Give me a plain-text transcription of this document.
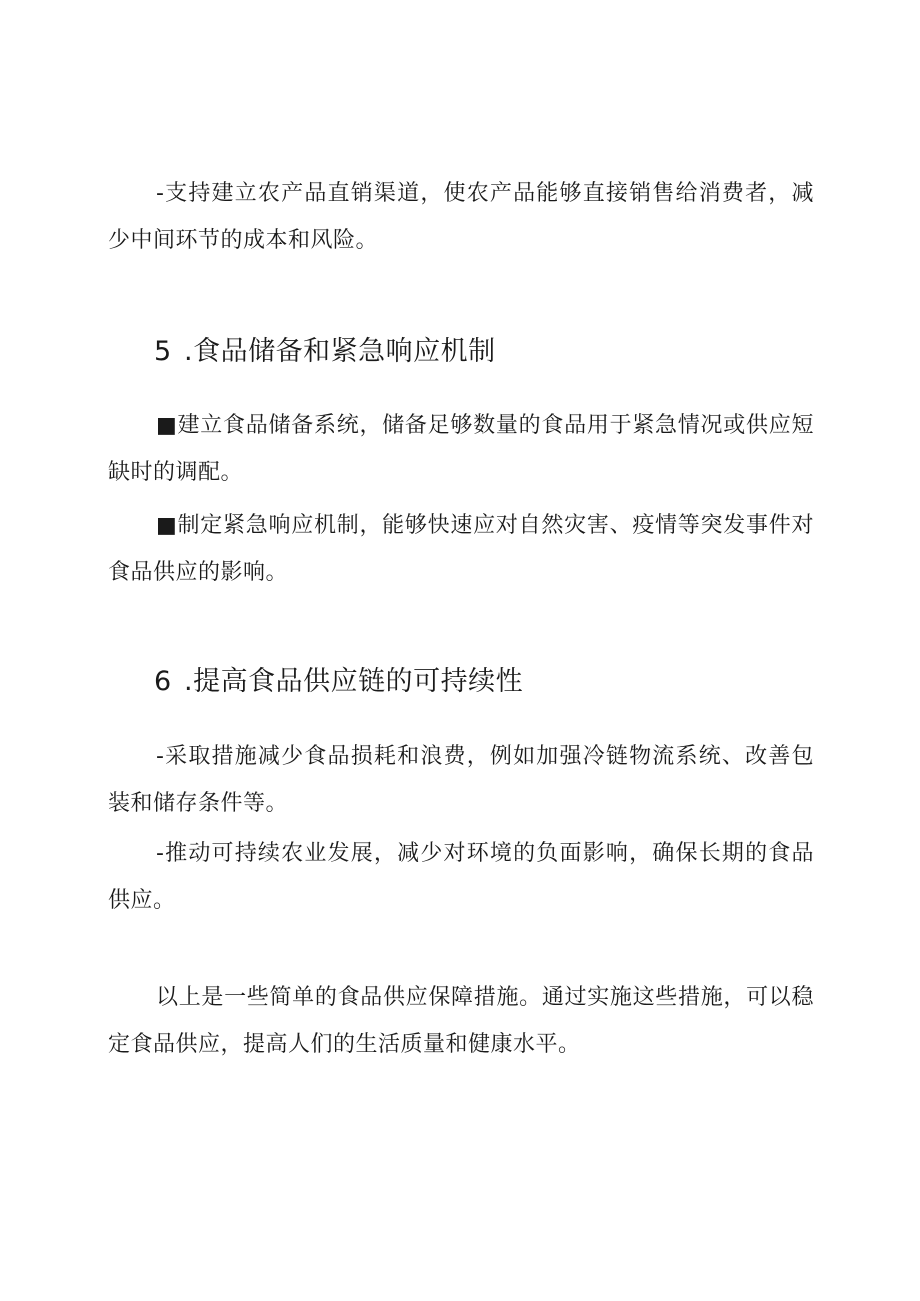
-支持建立农产品直销渠道，使农产品能够直接销售给消费者，减少中间环节的成本和风险。

5 .食品储备和紧急响应机制

■建立食品储备系统，储备足够数量的食品用于紧急情况或供应短缺时的调配。

■制定紧急响应机制，能够快速应对自然灾害、疫情等突发事件对食品供应的影响。

6 .提高食品供应链的可持续性

-采取措施减少食品损耗和浪费，例如加强冷链物流系统、改善包装和储存条件等。

-推动可持续农业发展，减少对环境的负面影响，确保长期的食品供应。

以上是一些简单的食品供应保障措施。通过实施这些措施，可以稳定食品供应，提高人们的生活质量和健康水平。
